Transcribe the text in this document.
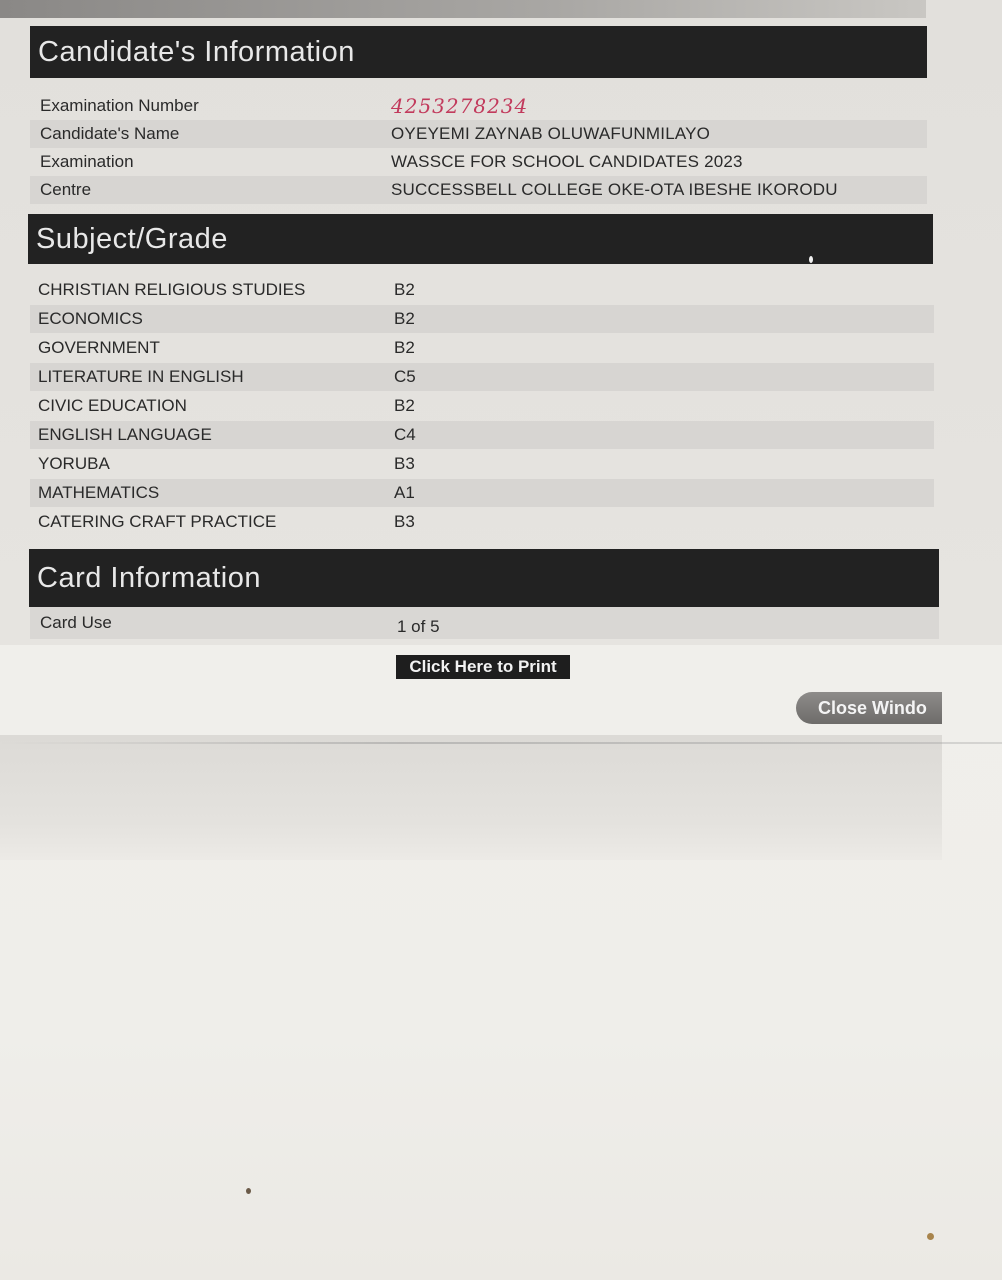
Candidate's Information
Examination Number	4253278234
Candidate's Name	OYEYEMI ZAYNAB OLUWAFUNMILAYO
Examination	WASSCE FOR SCHOOL CANDIDATES 2023
Centre	SUCCESSBELL COLLEGE OKE-OTA IBESHE IKORODU
Subject/Grade
CHRISTIAN RELIGIOUS STUDIES	B2
ECONOMICS	B2
GOVERNMENT	B2
LITERATURE IN ENGLISH	C5
CIVIC EDUCATION	B2
ENGLISH LANGUAGE	C4
YORUBA	B3
MATHEMATICS	A1
CATERING CRAFT PRACTICE	B3
Card Information
Card Use	1 of 5
Click Here to Print
Close Windo
